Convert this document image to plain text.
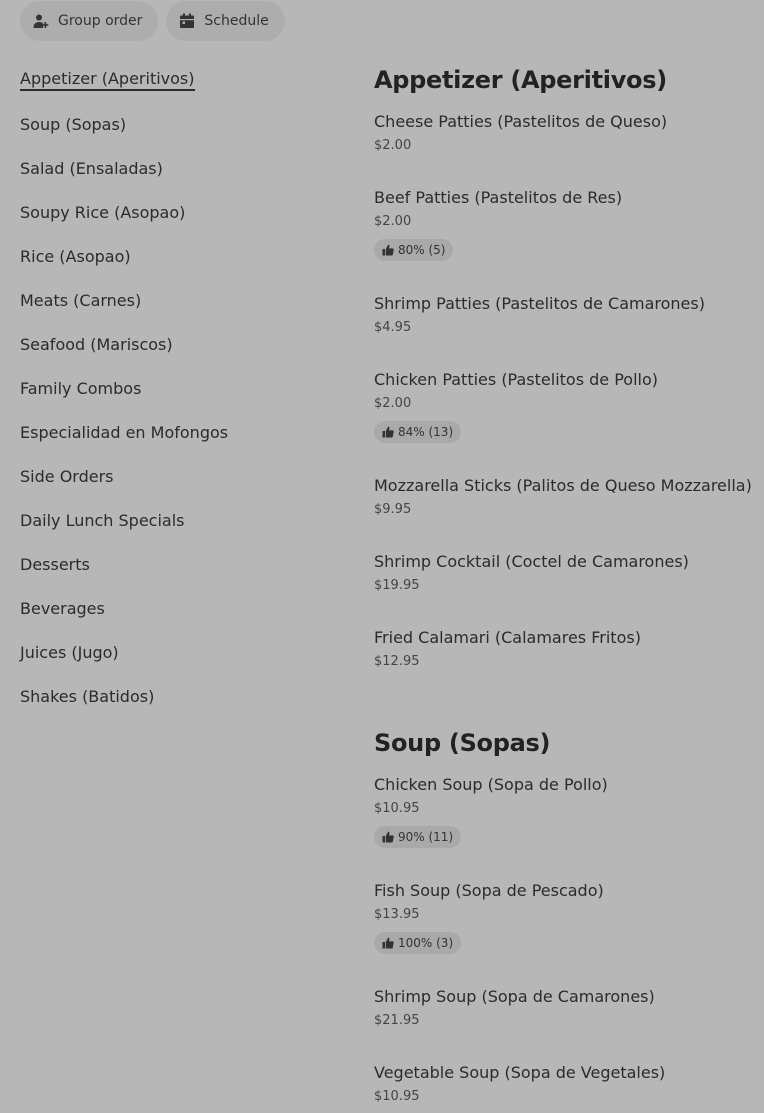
Group order	Schedule
Appetizer (Aperitivos)
Soup (Sopas)
Salad (Ensaladas)
Soupy Rice (Asopao)
Rice (Asopao)
Meats (Carnes)
Seafood (Mariscos)
Family Combos
Especialidad en Mofongos
Side Orders
Daily Lunch Specials
Desserts
Beverages
Juices (Jugo)
Shakes (Batidos)
Appetizer (Aperitivos)
Cheese Patties (Pastelitos de Queso)
$2.00
Beef Patties (Pastelitos de Res)
$2.00
80% (5)
Shrimp Patties (Pastelitos de Camarones)
$4.95
Chicken Patties (Pastelitos de Pollo)
$2.00
84% (13)
Mozzarella Sticks (Palitos de Queso Mozzarella)
$9.95
Shrimp Cocktail (Coctel de Camarones)
$19.95
Fried Calamari (Calamares Fritos)
$12.95
Soup (Sopas)
Chicken Soup (Sopa de Pollo)
$10.95
90% (11)
Fish Soup (Sopa de Pescado)
$13.95
100% (3)
Shrimp Soup (Sopa de Camarones)
$21.95
Vegetable Soup (Sopa de Vegetales)
$10.95
